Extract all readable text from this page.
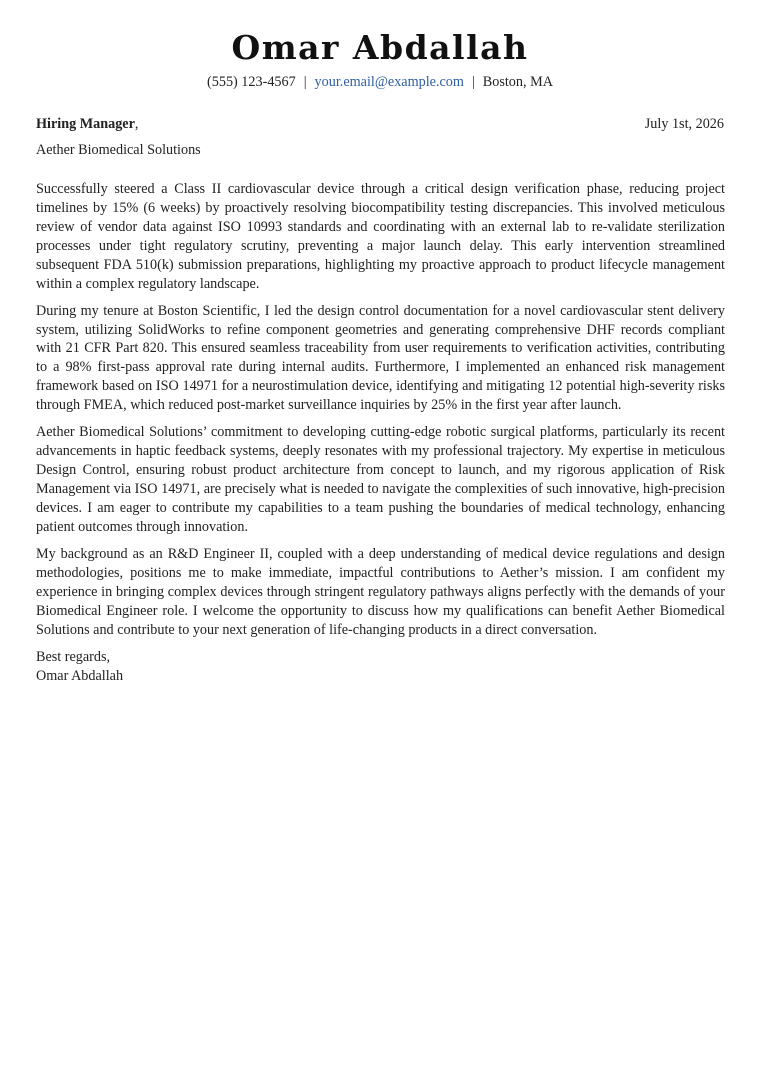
Omar Abdallah
(555) 123-4567 | your.email@example.com | Boston, MA
Hiring Manager,	July 1st, 2026
Aether Biomedical Solutions

Successfully steered a Class II cardiovascular device through a critical design verification phase, reducing project timelines by 15% (6 weeks) by proactively resolving biocompatibility testing discrepancies. This involved meticulous review of vendor data against ISO 10993 standards and coordinating with an external lab to re-validate sterilization processes under tight regulatory scrutiny, preventing a major launch delay. This early intervention streamlined subsequent FDA 510(k) submission preparations, highlighting my proactive approach to product lifecycle management within a complex regulatory landscape.

During my tenure at Boston Scientific, I led the design control documentation for a novel cardiovascular stent delivery system, utilizing SolidWorks to refine component geometries and generating comprehensive DHF records compliant with 21 CFR Part 820. This ensured seamless traceability from user requirements to verification activities, contributing to a 98% first-pass approval rate during internal audits. Furthermore, I implemented an enhanced risk management framework based on ISO 14971 for a neurostimulation device, identifying and mitigating 12 potential high-severity risks through FMEA, which reduced post-market surveillance inquiries by 25% in the first year after launch.

Aether Biomedical Solutions’ commitment to developing cutting-edge robotic surgical platforms, particularly its recent advancements in haptic feedback systems, deeply resonates with my professional trajectory. My expertise in meticulous Design Control, ensuring robust product architecture from concept to launch, and my rigorous application of Risk Management via ISO 14971, are precisely what is needed to navigate the complexities of such innovative, high-precision devices. I am eager to contribute my capabilities to a team pushing the boundaries of medical technology, enhancing patient outcomes through innovation.

My background as an R&D Engineer II, coupled with a deep understanding of medical device regulations and design methodologies, positions me to make immediate, impactful contributions to Aether’s mission. I am confident my experience in bringing complex devices through stringent regulatory pathways aligns perfectly with the demands of your Biomedical Engineer role. I welcome the opportunity to discuss how my qualifications can benefit Aether Biomedical Solutions and contribute to your next generation of life-changing products in a direct conversation.

Best regards,
Omar Abdallah
